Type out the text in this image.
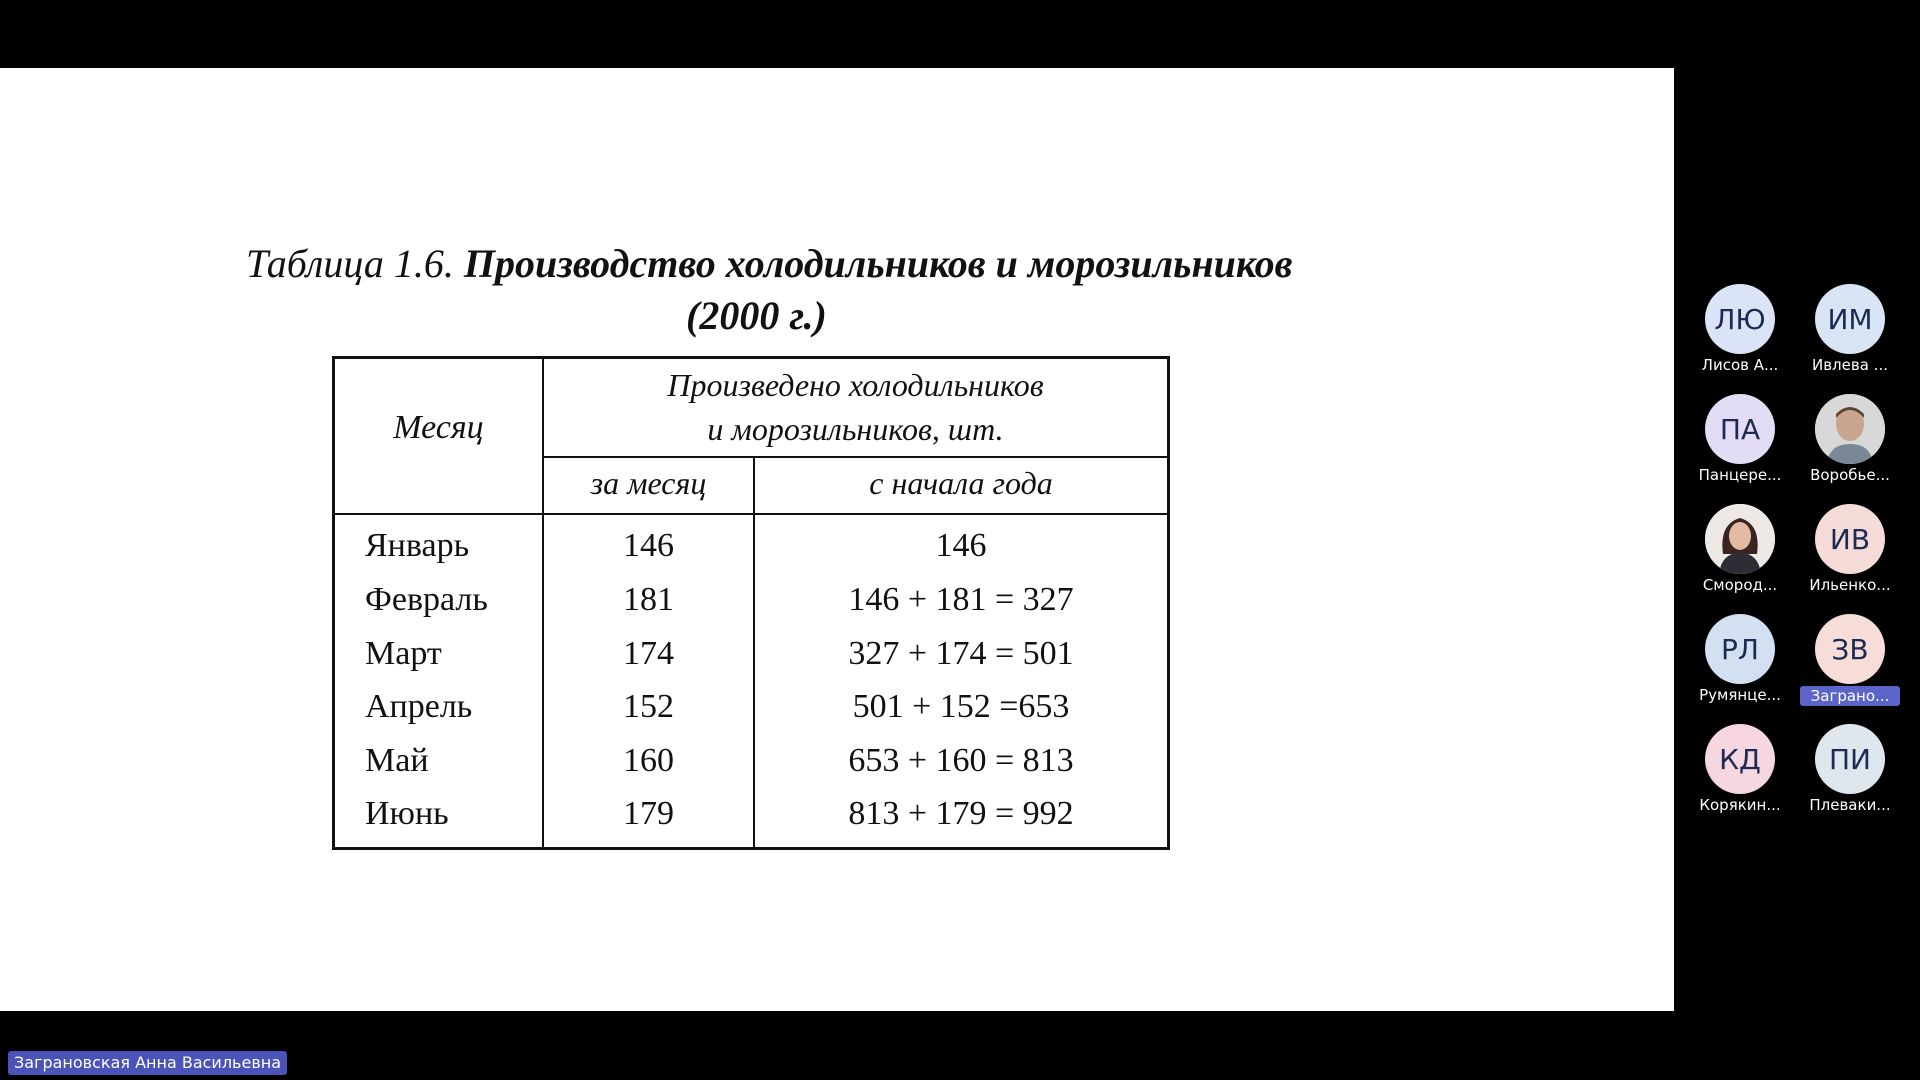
Таблица 1.6. Производство холодильников и морозильников
(2000 г.)
Месяц
Произведено холодильников
и морозильников, шт.
за месяц	с начала года
Январь	146	146
Февраль	181	146 + 181 = 327
Март	174	327 + 174 = 501
Апрель	152	501 + 152 =653
Май	160	653 + 160 = 813
Июнь	179	813 + 179 = 992
ЛЮ
Лисов А...
ИМ
Ивлева ...
ПА
Панцере...	Воробье...
Смород...
ИВ
Ильенко...
РЛ
Румянце...
ЗВ
Заграно...
КД
Корякин...
ПИ
Плеваки...
Заграновская Анна Васильевна
